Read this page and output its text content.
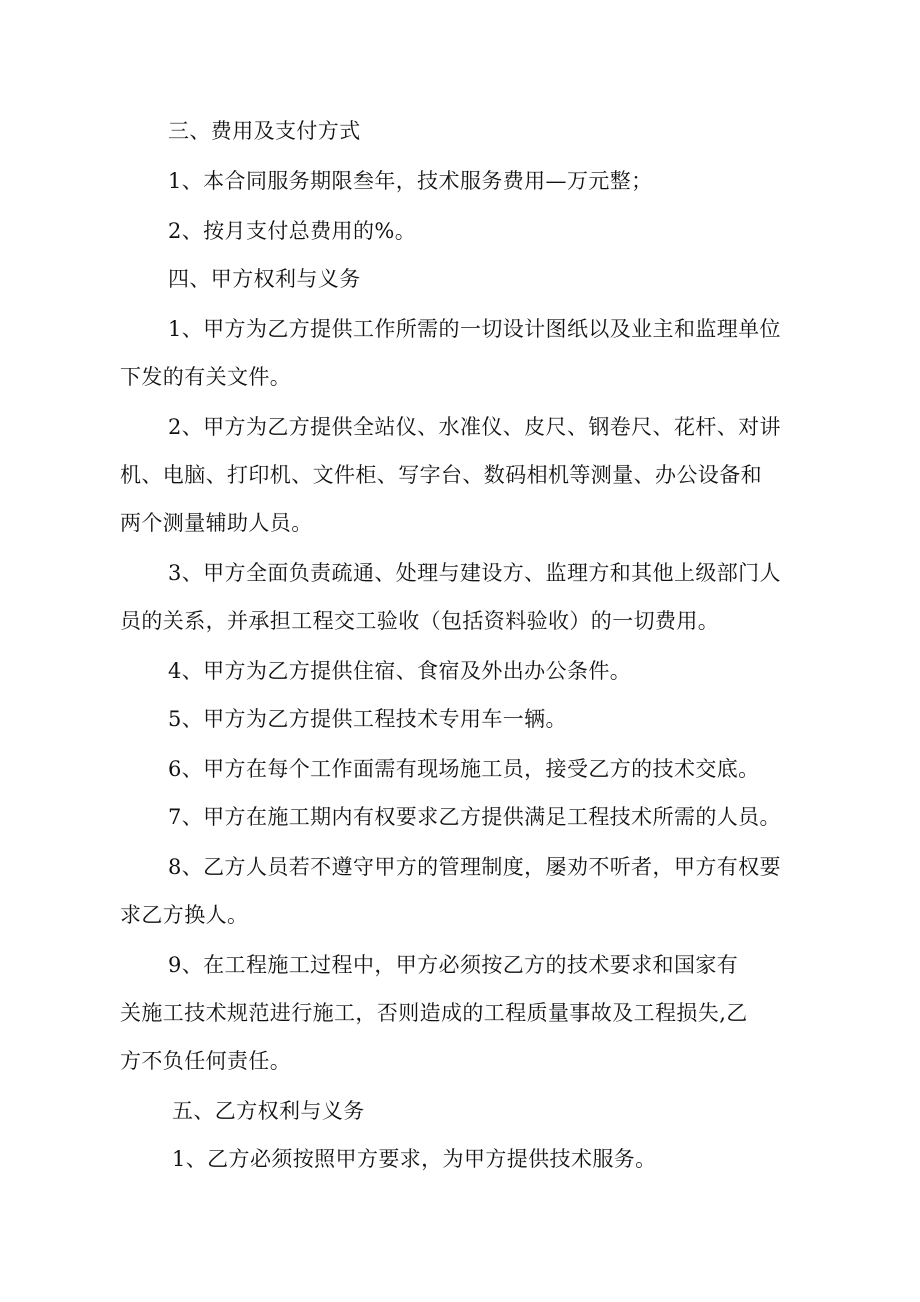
三、费用及支付方式
1、本合同服务期限叁年，技术服务费用—万元整；
2、按月支付总费用的%。
四、甲方权利与义务
1、甲方为乙方提供工作所需的一切设计图纸以及业主和监理单位
下发的有关文件。
2、甲方为乙方提供全站仪、水准仪、皮尺、钢卷尺、花杆、对讲
机、电脑、打印机、文件柜、写字台、数码相机等测量、办公设备和
两个测量辅助人员。
3、甲方全面负责疏通、处理与建设方、监理方和其他上级部门人
员的关系，并承担工程交工验收（包括资料验收）的一切费用。
4、甲方为乙方提供住宿、食宿及外出办公条件。
5、甲方为乙方提供工程技术专用车一辆。
6、甲方在每个工作面需有现场施工员，接受乙方的技术交底。
7、甲方在施工期内有权要求乙方提供满足工程技术所需的人员。
8、乙方人员若不遵守甲方的管理制度，屡劝不听者，甲方有权要
求乙方换人。
9、在工程施工过程中，甲方必须按乙方的技术要求和国家有
关施工技术规范进行施工，否则造成的工程质量事故及工程损失,乙
方不负任何责任。
五、乙方权利与义务
1、乙方必须按照甲方要求，为甲方提供技术服务。
